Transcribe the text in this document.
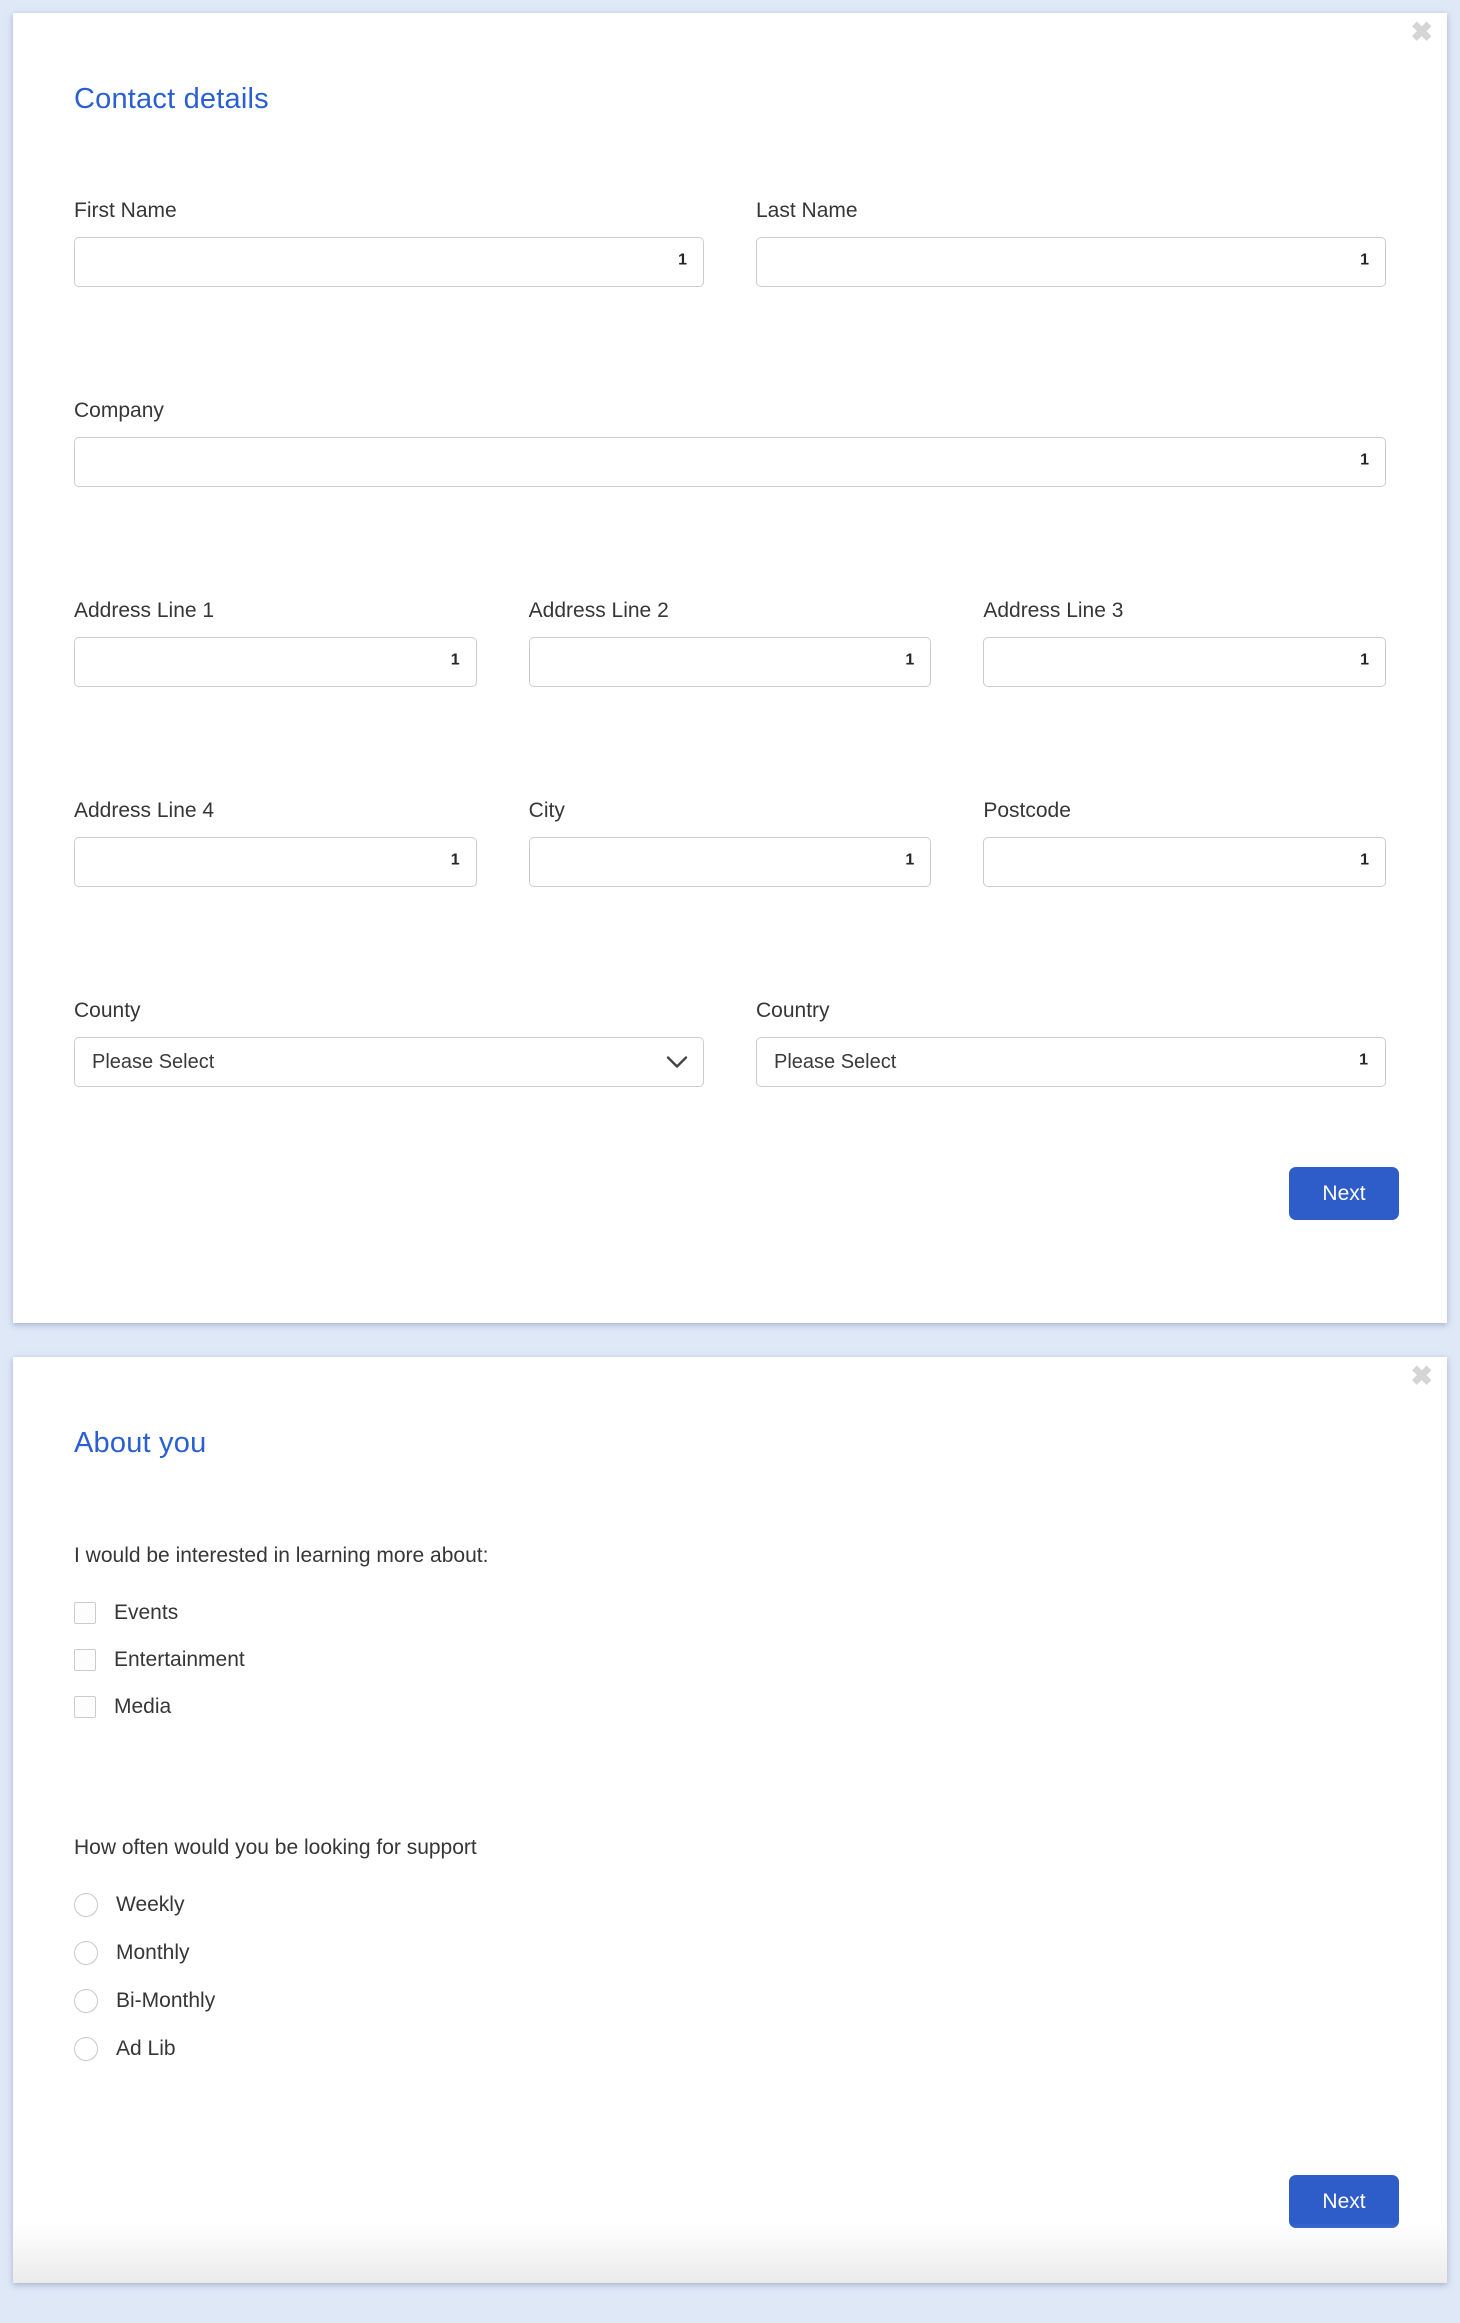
✖
Contact details
First Name
1
Last Name
1
Company
1
Address Line 1
1
Address Line 2
1
Address Line 3
1
Address Line 4
1
City
1
Postcode
1
County
Please Select
Country
Please Select	1
Next
✖
About you

I would be interested in learning more about:

Events
Entertainment
Media

How often would you be looking for support

Weekly
Monthly
Bi-Monthly
Ad Lib
Next
